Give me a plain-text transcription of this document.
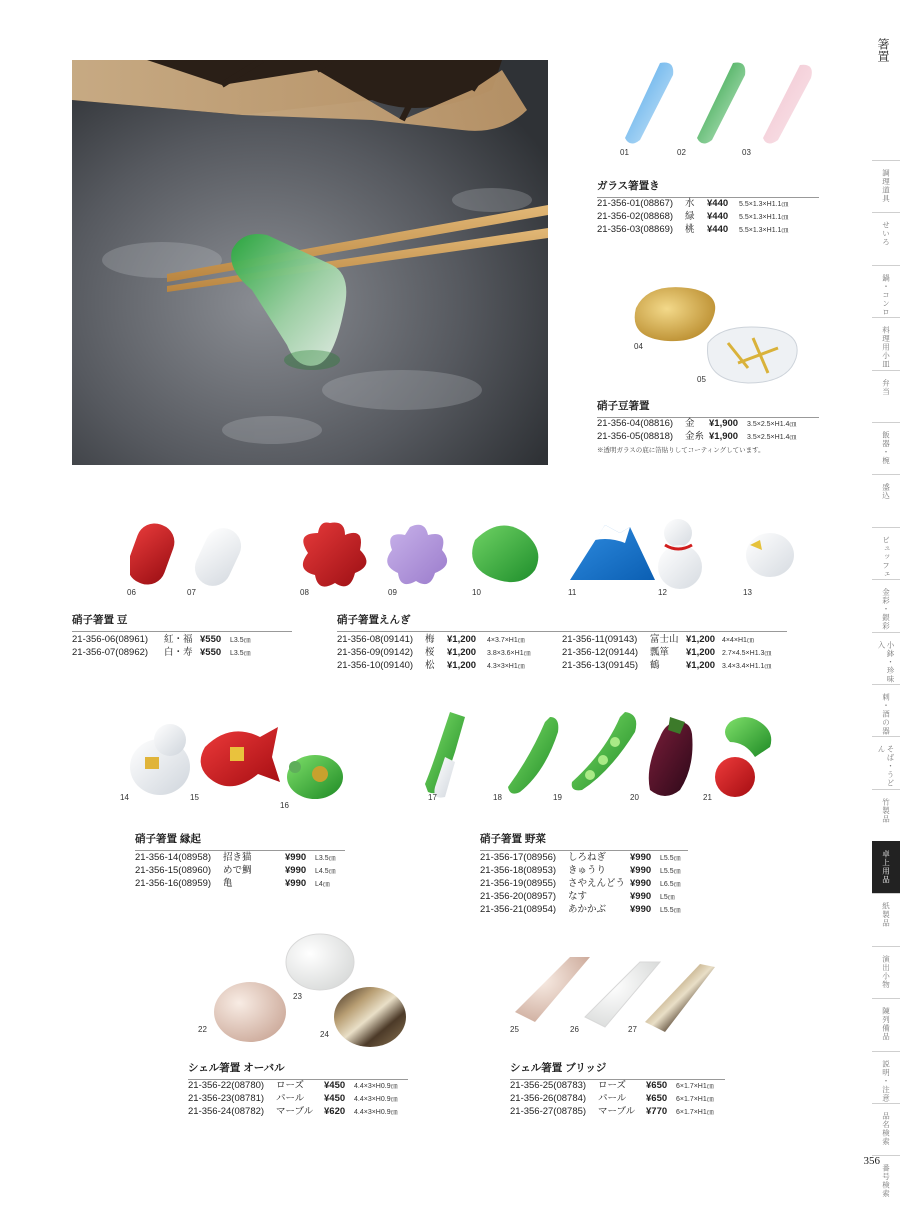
箸置
調理道具
せいろ
鍋・コンロ
料理用小皿
弁当
飯器・椀
盛込
ビュッフェ
金彩・銀彩
小鉢・珍味入
刺・酒の器
そば・うどん
竹製品
卓上用品
紙製品
演出小物
陳列備品
説明・注意
品名検索
番号検索
356
01	02	03
ガラス箸置き
21-356-01(08867)	水	¥440	5.5×1.3×H1.1㎝
21-356-02(08868)	緑	¥440	5.5×1.3×H1.1㎝
21-356-03(08869)	桃	¥440	5.5×1.3×H1.1㎝
04
05
硝子豆箸置
21-356-04(08816)	金	¥1,900	3.5×2.5×H1.4㎝
21-356-05(08818)	金糸 ¥1,900	3.5×2.5×H1.4㎝
※透明ガラスの底に箔貼りしてコーティングしています。
06	07	08	09	10	11	12	13
硝子箸置 豆
21-356-06(08961)	紅・福 ¥550	L3.5㎝
21-356-07(08962)	白・寿 ¥550	L3.5㎝
硝子箸置えんぎ
21-356-08(09141)	梅	¥1,200	4×3.7×H1㎝
21-356-09(09142)	桜	¥1,200	3.8×3.6×H1㎝
21-356-10(09140)	松	¥1,200	4.3×3×H1㎝
21-356-11(09143)	富士山 ¥1,200 4×4×H1㎝
21-356-12(09144)	瓢箪	¥1,200 2.7×4.5×H1.3㎝
21-356-13(09145)	鶴	¥1,200 3.4×3.4×H1.1㎝
14	15
16
17	18	19	20	21
硝子箸置 縁起
21-356-14(08958)	招き猫	¥990	L3.5㎝
21-356-15(08960)	めで鯛	¥990	L4.5㎝
21-356-16(08959)	亀	¥990	L4㎝
硝子箸置 野菜
21-356-17(08956)	しろねぎ	¥990	L5.5㎝
21-356-18(08953)	きゅうり	¥990	L5.5㎝
21-356-19(08955)	さやえんどう ¥990	L6.5㎝
21-356-20(08957)	なす	¥990	L5㎝
21-356-21(08954)	あかかぶ	¥990	L5.5㎝
23
22
24
25	26	27
シェル箸置 オーバル
21-356-22(08780)	ローズ	¥450	4.4×3×H0.9㎝
21-356-23(08781)	パール	¥450	4.4×3×H0.9㎝
21-356-24(08782)	マーブル	¥620	4.4×3×H0.9㎝
シェル箸置 ブリッジ
21-356-25(08783)	ローズ	¥650	6×1.7×H1㎝
21-356-26(08784)	パール	¥650	6×1.7×H1㎝
21-356-27(08785)	マーブル	¥770	6×1.7×H1㎝
